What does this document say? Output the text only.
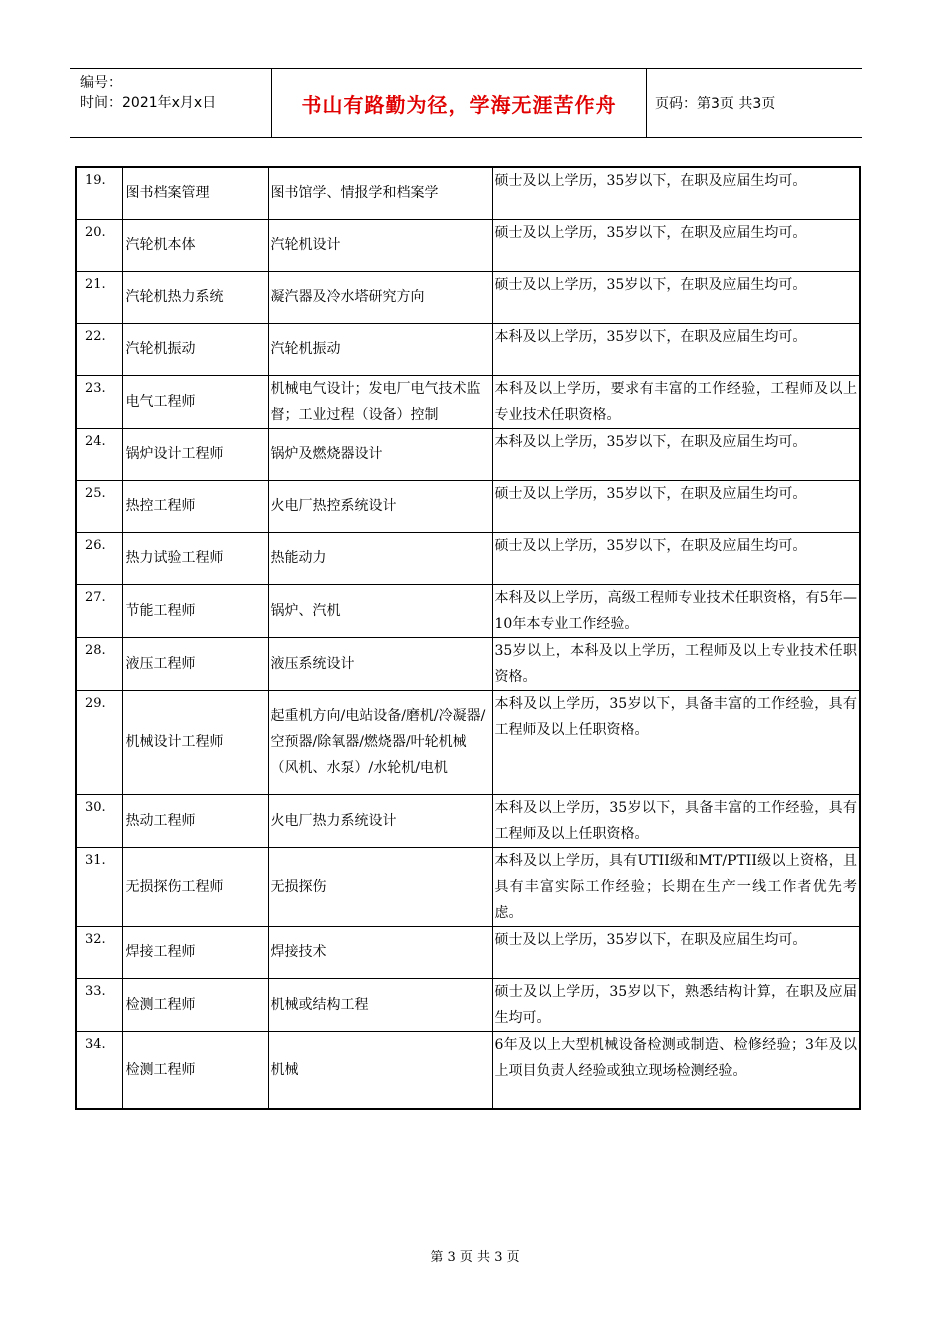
编号：
时间：2021年x月x日	书山有路勤为径，学海无涯苦作舟	页码：第3页 共3页
19.	图书档案管理	图书馆学、情报学和档案学	硕士及以上学历，35岁以下，在职及应届生均可。
20.	汽轮机本体	汽轮机设计	硕士及以上学历，35岁以下，在职及应届生均可。
21.	汽轮机热力系统	凝汽器及冷水塔研究方向	硕士及以上学历，35岁以下，在职及应届生均可。
22.	汽轮机振动	汽轮机振动	本科及以上学历，35岁以下，在职及应届生均可。
23.	电气工程师	机械电气设计；发电厂电气技术监督；工业过程（设备）控制	本科及以上学历，要求有丰富的工作经验，工程师及以上专业技术任职资格。
24.	锅炉设计工程师	锅炉及燃烧器设计	本科及以上学历，35岁以下，在职及应届生均可。
25.	热控工程师	火电厂热控系统设计	硕士及以上学历，35岁以下，在职及应届生均可。
26.	热力试验工程师	热能动力	硕士及以上学历，35岁以下，在职及应届生均可。
27.	节能工程师	锅炉、汽机	本科及以上学历，高级工程师专业技术任职资格，有5年—10年本专业工作经验。
28.	液压工程师	液压系统设计	35岁以上，本科及以上学历，工程师及以上专业技术任职资格。
29.	机械设计工程师	起重机方向/电站设备/磨机/冷凝器/空预器/除氧器/燃烧器/叶轮机械（风机、水泵）/水轮机/电机	本科及以上学历，35岁以下，具备丰富的工作经验，具有工程师及以上任职资格。
30.	热动工程师	火电厂热力系统设计	本科及以上学历，35岁以下，具备丰富的工作经验，具有工程师及以上任职资格。
31.	无损探伤工程师	无损探伤	本科及以上学历，具有UTII级和MT/PTII级以上资格，且具有丰富实际工作经验；长期在生产一线工作者优先考虑。
32.	焊接工程师	焊接技术	硕士及以上学历，35岁以下，在职及应届生均可。
33.	检测工程师	机械或结构工程	硕士及以上学历，35岁以下，熟悉结构计算，在职及应届生均可。
34.	检测工程师	机械	6年及以上大型机械设备检测或制造、检修经验；3年及以上项目负责人经验或独立现场检测经验。
第 3 页 共 3 页
